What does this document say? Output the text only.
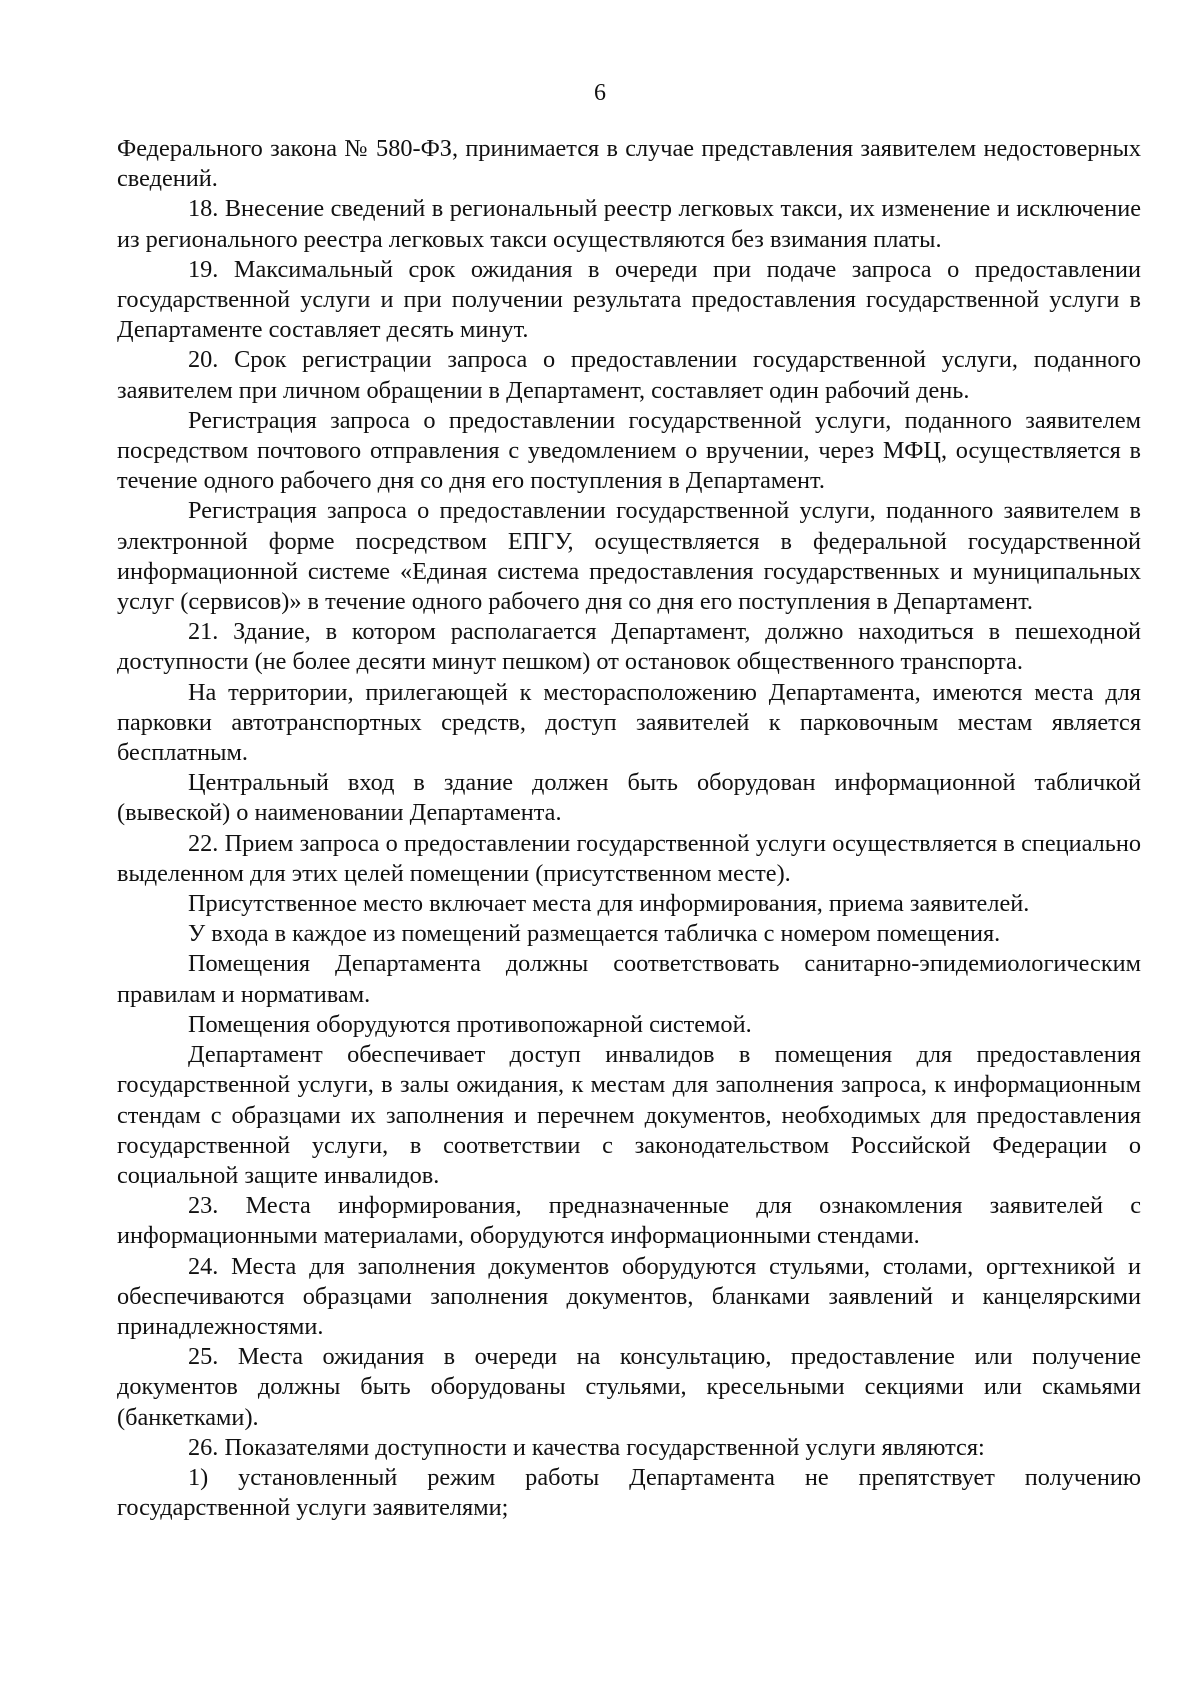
6

Федерального закона № 580-ФЗ, принимается в случае представления заявителем недостоверных сведений.

18. Внесение сведений в региональный реестр легковых такси, их изменение и исключение из регионального реестра легковых такси осуществляются без взимания платы.

19. Максимальный срок ожидания в очереди при подаче запроса о предоставлении государственной услуги и при получении результата предоставления государственной услуги в Департаменте составляет десять минут.

20. Срок регистрации запроса о предоставлении государственной услуги, поданного заявителем при личном обращении в Департамент, составляет один рабочий день.

Регистрация запроса о предоставлении государственной услуги, поданного заявителем посредством почтового отправления с уведомлением о вручении, через МФЦ, осуществляется в течение одного рабочего дня со дня его поступления в Департамент.

Регистрация запроса о предоставлении государственной услуги, поданного заявителем в электронной форме посредством ЕПГУ, осуществляется в федеральной государственной информационной системе «Единая система предоставления государственных и муниципальных услуг (сервисов)» в течение одного рабочего дня со дня его поступления в Департамент.

21. Здание, в котором располагается Департамент, должно находиться в пешеходной доступности (не более десяти минут пешком) от остановок общественного транспорта.

На территории, прилегающей к месторасположению Департамента, имеются места для парковки автотранспортных средств, доступ заявителей к парковочным местам является бесплатным.

Центральный вход в здание должен быть оборудован информационной табличкой (вывеской) о наименовании Департамента.

22. Прием запроса о предоставлении государственной услуги осуществляется в специально выделенном для этих целей помещении (присутственном месте).

Присутственное место включает места для информирования, приема заявителей.

У входа в каждое из помещений размещается табличка с номером помещения.

Помещения Департамента должны соответствовать санитарно-эпидемиологическим правилам и нормативам.

Помещения оборудуются противопожарной системой.

Департамент обеспечивает доступ инвалидов в помещения для предоставления государственной услуги, в залы ожидания, к местам для заполнения запроса, к информационным стендам с образцами их заполнения и перечнем документов, необходимых для предоставления государственной услуги, в соответствии с законодательством Российской Федерации о социальной защите инвалидов.

23. Места информирования, предназначенные для ознакомления заявителей с информационными материалами, оборудуются информационными стендами.

24. Места для заполнения документов оборудуются стульями, столами, оргтехникой и обеспечиваются образцами заполнения документов, бланками заявлений и канцелярскими принадлежностями.

25. Места ожидания в очереди на консультацию, предоставление или получение документов должны быть оборудованы стульями, кресельными секциями или скамьями (банкетками).

26. Показателями доступности и качества государственной услуги являются:

1) установленный режим работы Департамента не препятствует получению государственной услуги заявителями;
